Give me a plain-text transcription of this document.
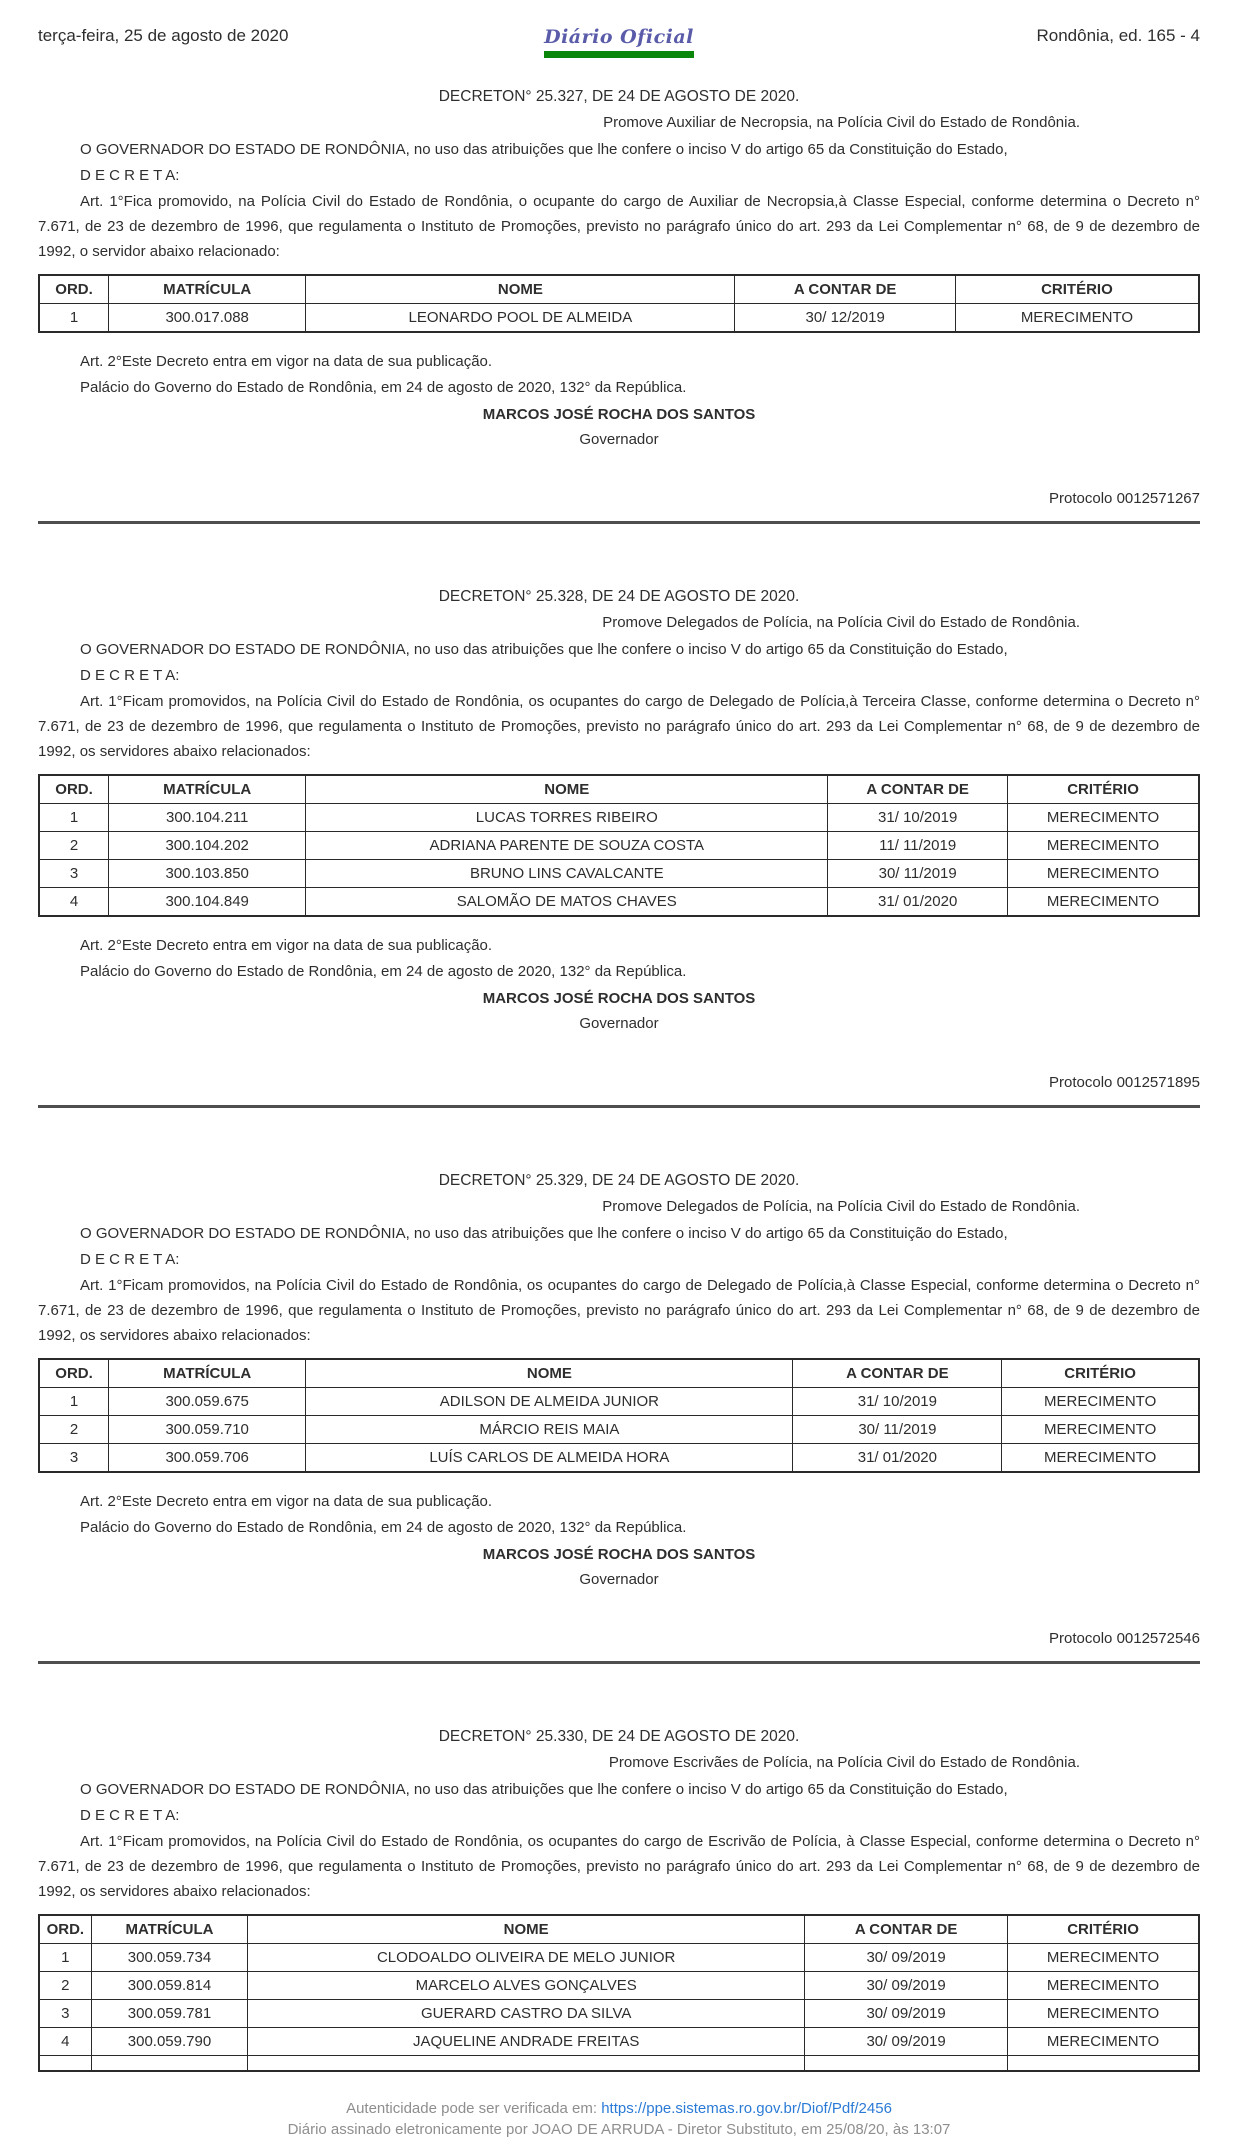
terça-feira, 25 de agosto de 2020	Diário Oficial	Rondônia, ed. 165 - 4
DECRETON° 25.327, DE 24 DE AGOSTO DE 2020.

Promove Auxiliar de Necropsia, na Polícia Civil do Estado de Rondônia.

O GOVERNADOR DO ESTADO DE RONDÔNIA, no uso das atribuições que lhe confere o inciso V do artigo 65 da Constituição do Estado,

D E C R E T A:

Art. 1°Fica promovido, na Polícia Civil do Estado de Rondônia, o ocupante do cargo de Auxiliar de Necropsia,à Classe Especial, conforme determina o Decreto n° 7.671, de 23 de dezembro de 1996, que regulamenta o Instituto de Promoções, previsto no parágrafo único do art. 293 da Lei Complementar n° 68, de 9 de dezembro de 1992, o servidor abaixo relacionado:

ORD.	MATRÍCULA	NOME	A CONTAR DE	CRITÉRIO
1	300.017.088	LEONARDO POOL DE ALMEIDA	30/ 12/2019	MERECIMENTO

Art. 2°Este Decreto entra em vigor na data de sua publicação.

Palácio do Governo do Estado de Rondônia, em 24 de agosto de 2020, 132° da República.

MARCOS JOSÉ ROCHA DOS SANTOS

Governador

Protocolo 0012571267

DECRETON° 25.328, DE 24 DE AGOSTO DE 2020.

Promove Delegados de Polícia, na Polícia Civil do Estado de Rondônia.

O GOVERNADOR DO ESTADO DE RONDÔNIA, no uso das atribuições que lhe confere o inciso V do artigo 65 da Constituição do Estado,

D E C R E T A:

Art. 1°Ficam promovidos, na Polícia Civil do Estado de Rondônia, os ocupantes do cargo de Delegado de Polícia,à Terceira Classe, conforme determina o Decreto n° 7.671, de 23 de dezembro de 1996, que regulamenta o Instituto de Promoções, previsto no parágrafo único do art. 293 da Lei Complementar n° 68, de 9 de dezembro de 1992, os servidores abaixo relacionados:

ORD.	MATRÍCULA	NOME	A CONTAR DE	CRITÉRIO
1	300.104.211	LUCAS TORRES RIBEIRO	31/ 10/2019	MERECIMENTO
2	300.104.202	ADRIANA PARENTE DE SOUZA COSTA	11/ 11/2019	MERECIMENTO
3	300.103.850	BRUNO LINS CAVALCANTE	30/ 11/2019	MERECIMENTO
4	300.104.849	SALOMÃO DE MATOS CHAVES	31/ 01/2020	MERECIMENTO

Art. 2°Este Decreto entra em vigor na data de sua publicação.

Palácio do Governo do Estado de Rondônia, em 24 de agosto de 2020, 132° da República.

MARCOS JOSÉ ROCHA DOS SANTOS

Governador

Protocolo 0012571895

DECRETON° 25.329, DE 24 DE AGOSTO DE 2020.

Promove Delegados de Polícia, na Polícia Civil do Estado de Rondônia.

O GOVERNADOR DO ESTADO DE RONDÔNIA, no uso das atribuições que lhe confere o inciso V do artigo 65 da Constituição do Estado,

D E C R E T A:

Art. 1°Ficam promovidos, na Polícia Civil do Estado de Rondônia, os ocupantes do cargo de Delegado de Polícia,à Classe Especial, conforme determina o Decreto n° 7.671, de 23 de dezembro de 1996, que regulamenta o Instituto de Promoções, previsto no parágrafo único do art. 293 da Lei Complementar n° 68, de 9 de dezembro de 1992, os servidores abaixo relacionados:

ORD.	MATRÍCULA	NOME	A CONTAR DE	CRITÉRIO
1	300.059.675	ADILSON DE ALMEIDA JUNIOR	31/ 10/2019	MERECIMENTO
2	300.059.710	MÁRCIO REIS MAIA	30/ 11/2019	MERECIMENTO
3	300.059.706	LUÍS CARLOS DE ALMEIDA HORA	31/ 01/2020	MERECIMENTO

Art. 2°Este Decreto entra em vigor na data de sua publicação.

Palácio do Governo do Estado de Rondônia, em 24 de agosto de 2020, 132° da República.

MARCOS JOSÉ ROCHA DOS SANTOS

Governador

Protocolo 0012572546

DECRETON° 25.330, DE 24 DE AGOSTO DE 2020.

Promove Escrivães de Polícia, na Polícia Civil do Estado de Rondônia.

O GOVERNADOR DO ESTADO DE RONDÔNIA, no uso das atribuições que lhe confere o inciso V do artigo 65 da Constituição do Estado,

D E C R E T A:

Art. 1°Ficam promovidos, na Polícia Civil do Estado de Rondônia, os ocupantes do cargo de Escrivão de Polícia, à Classe Especial, conforme determina o Decreto n° 7.671, de 23 de dezembro de 1996, que regulamenta o Instituto de Promoções, previsto no parágrafo único do art. 293 da Lei Complementar n° 68, de 9 de dezembro de 1992, os servidores abaixo relacionados:

ORD.	MATRÍCULA	NOME	A CONTAR DE	CRITÉRIO
1	300.059.734	CLODOALDO OLIVEIRA DE MELO JUNIOR	30/ 09/2019	MERECIMENTO
2	300.059.814	MARCELO ALVES GONÇALVES	30/ 09/2019	MERECIMENTO
3	300.059.781	GUERARD CASTRO DA SILVA	30/ 09/2019	MERECIMENTO
4	300.059.790	JAQUELINE ANDRADE FREITAS	30/ 09/2019	MERECIMENTO

Autenticidade pode ser verificada em: https://ppe.sistemas.ro.gov.br/Diof/Pdf/2456
Diário assinado eletronicamente por JOAO DE ARRUDA - Diretor Substituto, em 25/08/20, às 13:07
